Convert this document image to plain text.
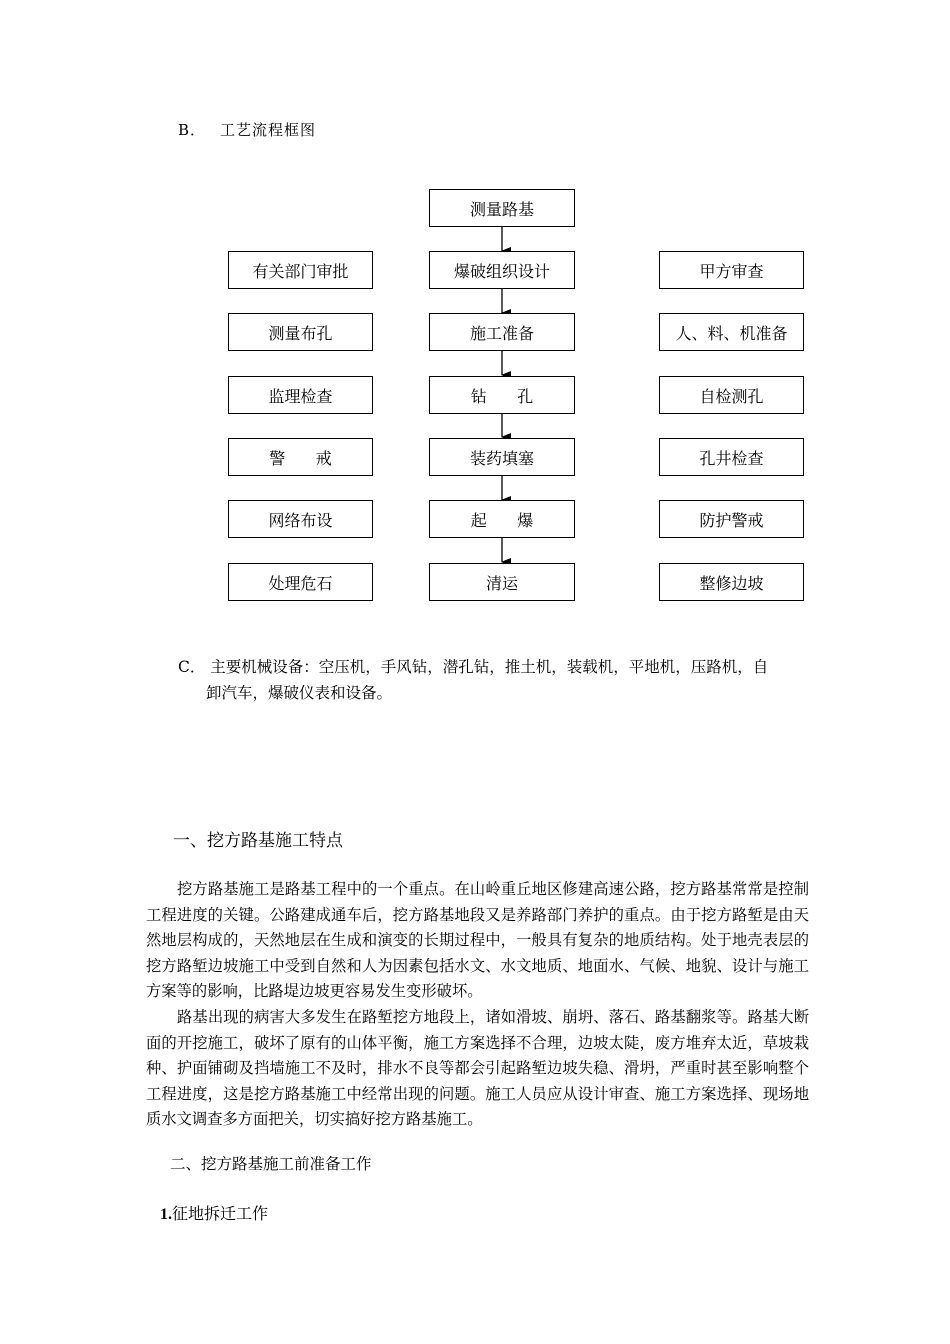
B． 工艺流程框图
测量路基
爆破组织设计
施工准备
钻      孔
装药填塞
起      爆
清运
有关部门审批
测量布孔
监理检查
警      戒
网络布设
处理危石
甲方审查
人、料、机准备
自检测孔
孔井检查
防护警戒
整修边坡
C． 主要机械设备：空压机，手风钻，潜孔钻，推土机，装载机，平地机，压路机，自
卸汽车，爆破仪表和设备。
一、挖方路基施工特点
挖方路基施工是路基工程中的一个重点。在山岭重丘地区修建高速公路，挖方路基常常是控制工程进度的关键。公路建成通车后，挖方路基地段又是养路部门养护的重点。由于挖方路堑是由天然地层构成的，天然地层在生成和演变的长期过程中，一般具有复杂的地质结构。处于地壳表层的挖方路堑边坡施工中受到自然和人为因素包括水文、水文地质、地面水、气候、地貌、设计与施工方案等的影响，比路堤边坡更容易发生变形破坏。
路基出现的病害大多发生在路堑挖方地段上，诸如滑坡、崩坍、落石、路基翻浆等。路基大断面的开挖施工，破坏了原有的山体平衡，施工方案选择不合理，边坡太陡，废方堆弃太近，草坡栽种、护面铺砌及挡墙施工不及时，排水不良等都会引起路堑边坡失稳、滑坍，严重时甚至影响整个工程进度，这是挖方路基施工中经常出现的问题。施工人员应从设计审查、施工方案选择、现场地质水文调查多方面把关，切实搞好挖方路基施工。
二、挖方路基施工前准备工作
1.征地拆迁工作
